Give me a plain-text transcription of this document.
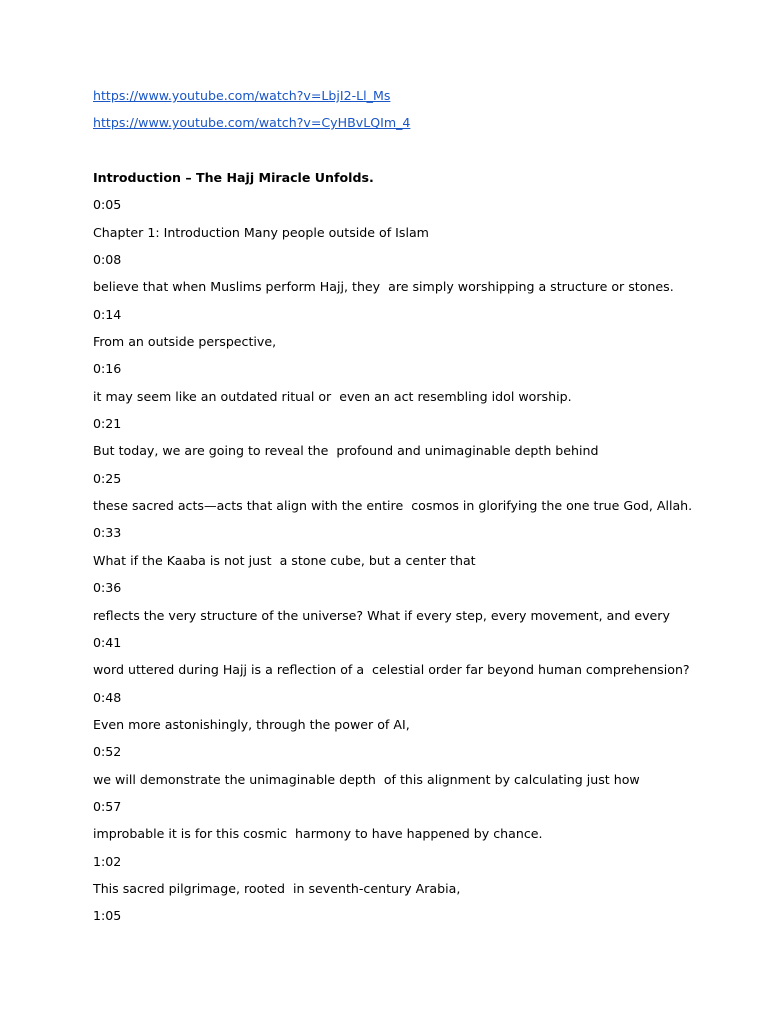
https://www.youtube.com/watch?v=LbjI2-Ll_Ms
https://www.youtube.com/watch?v=CyHBvLQIm_4
Introduction – The Hajj Miracle Unfolds.
0:05
Chapter 1: Introduction Many people outside of Islam
0:08
believe that when Muslims perform Hajj, they  are simply worshipping a structure or stones.
0:14
From an outside perspective,
0:16
it may seem like an outdated ritual or  even an act resembling idol worship.
0:21
But today, we are going to reveal the  profound and unimaginable depth behind
0:25
these sacred acts—acts that align with the entire  cosmos in glorifying the one true God, Allah.
0:33
What if the Kaaba is not just  a stone cube, but a center that
0:36
reflects the very structure of the universe? What if every step, every movement, and every
0:41
word uttered during Hajj is a reflection of a  celestial order far beyond human comprehension?
0:48
Even more astonishingly, through the power of AI,
0:52
we will demonstrate the unimaginable depth  of this alignment by calculating just how
0:57
improbable it is for this cosmic  harmony to have happened by chance.
1:02
This sacred pilgrimage, rooted  in seventh-century Arabia,
1:05
